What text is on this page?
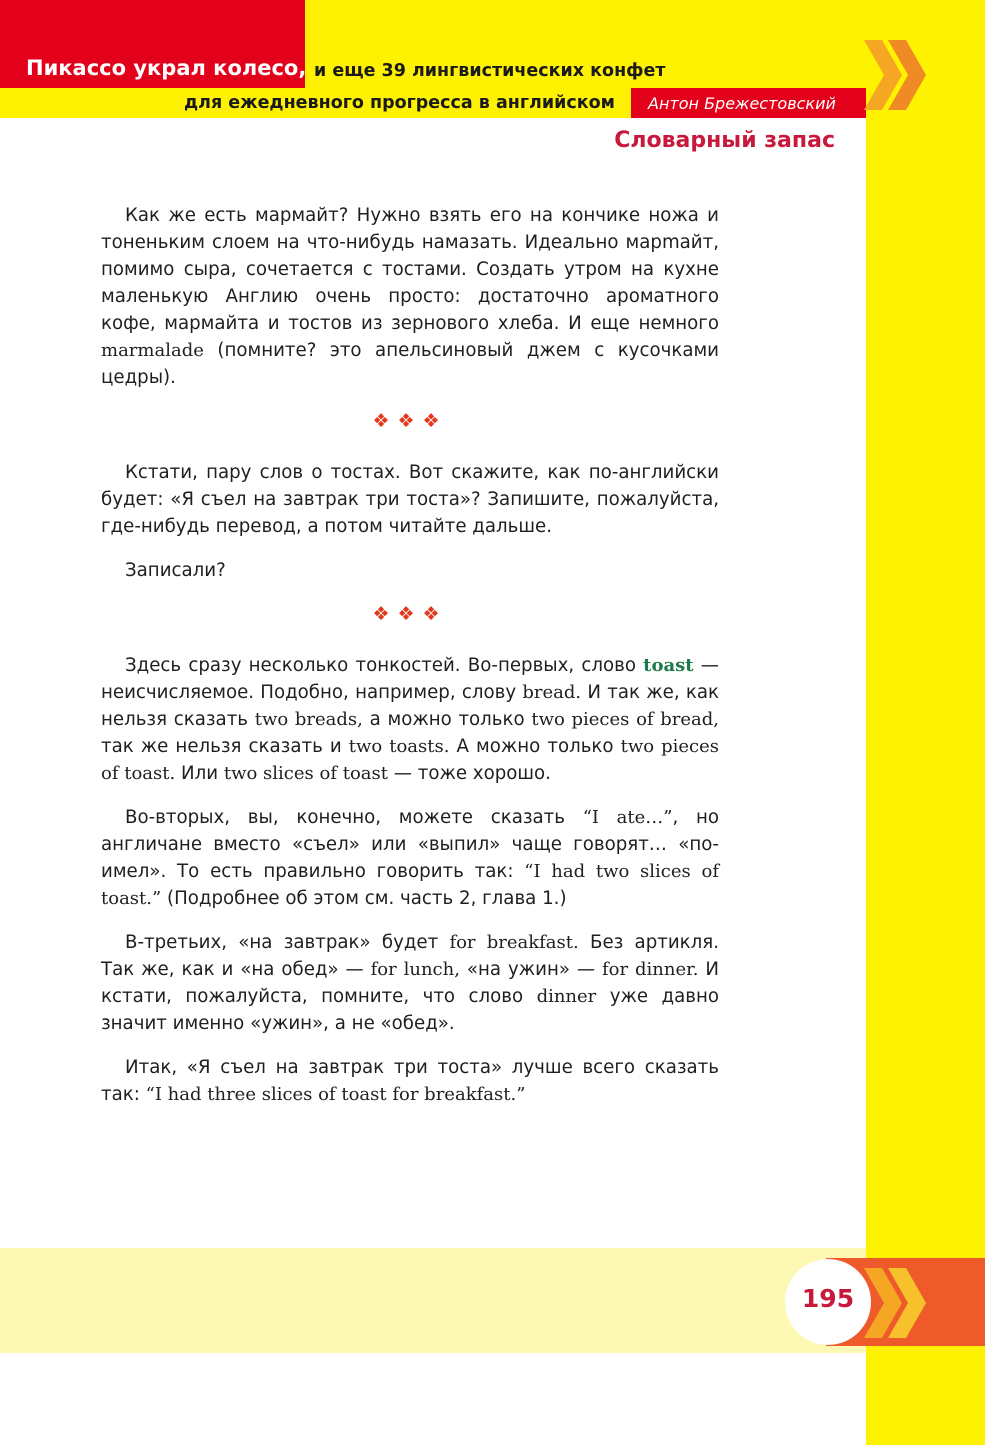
Пикассо украл колесо, и еще 39 лингвистических конфет
для ежедневного прогресса в английском Антон Брежестовский
Словарный запас

Как же есть мармайт? Нужно взять его на кончике ножа и тоненьким слоем на что-нибудь намазать. Идеально марmайт, помимо сыра, сочетается с тостами. Создать утром на кухне маленькую Англию очень просто: достаточно ароматного кофе, мармайта и тостов из зернового хлеба. И еще немного marmalade (помните? это апельсиновый джем с кусочками цедры).

❖❖❖

Кстати, пару слов о тостах. Вот скажите, как по-английски будет: «Я съел на завтрак три тоста»? Запишите, пожалуйста, где-нибудь перевод, а потом читайте дальше.

Записали?

❖❖❖

Здесь сразу несколько тонкостей. Во-первых, слово toast — неисчисляемое. Подобно, например, слову bread. И так же, как нельзя сказать two breads, а можно только two pieces of bread, так же нельзя сказать и two toasts. А можно только two pieces of toast. Или two slices of toast — тоже хорошо.

Во-вторых, вы, конечно, можете сказать “I ate…”, но англичане вместо «съел» или «выпил» чаще говорят… «поимел». То есть правильно говорить так: “I had two slices of toast.” (Подробнее об этом см. часть 2, глава 1.)

В-третьих, «на завтрак» будет for breakfast. Без артикля. Так же, как и «на обед» — for lunch, «на ужин» — for dinner. И кстати, пожалуйста, помните, что слово dinner уже давно значит именно «ужин», а не «обед».

Итак, «Я съел на завтрак три тоста» лучше всего сказать так: “I had three slices of toast for breakfast.”

195
